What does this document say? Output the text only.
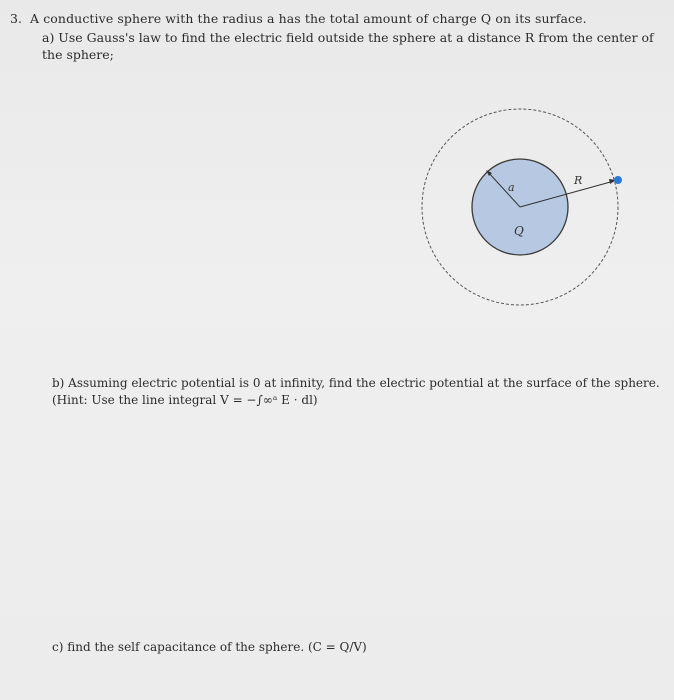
3. A conductive sphere with the radius a has the total amount of charge Q on its surface.
a) Use Gauss's law to find the electric field outside the sphere at a distance R from the center of the sphere;
a
R
Q
b) Assuming electric potential is 0 at infinity, find the electric potential at the surface of the sphere.
(Hint: Use the line integral V = −∫∞ᵃ E · dl)
c) find the self capacitance of the sphere. (C = Q/V)
